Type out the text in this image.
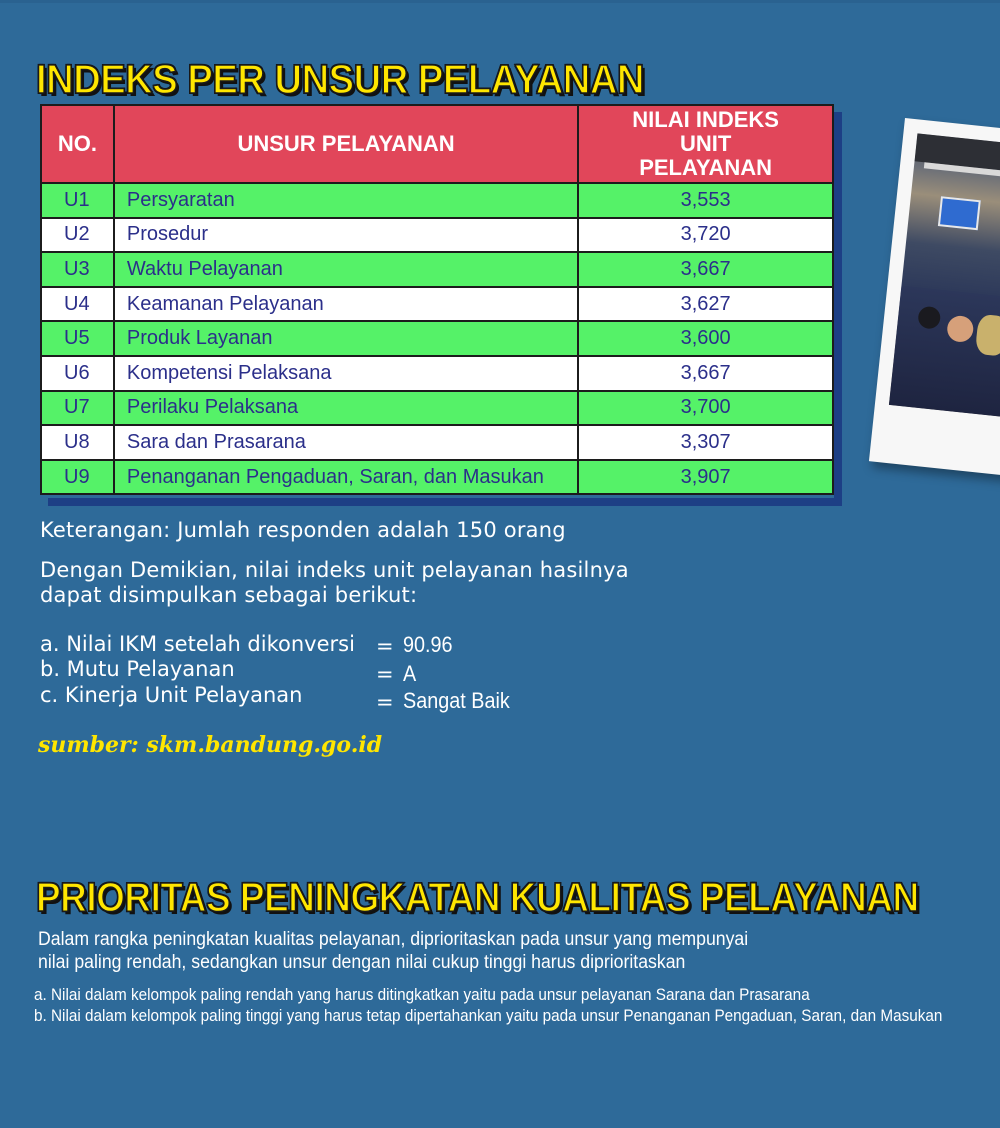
INDEKS PER UNSUR PELAYANAN
NO.	UNSUR PELAYANAN	NILAI INDEKS UNIT PELAYANAN
U1	Persyaratan	3,553
U2	Prosedur	3,720
U3	Waktu Pelayanan	3,667
U4	Keamanan Pelayanan	3,627
U5	Produk Layanan	3,600
U6	Kompetensi Pelaksana	3,667
U7	Perilaku Pelaksana	3,700
U8	Sara dan Prasarana	3,307
U9	Penanganan Pengaduan, Saran, dan Masukan	3,907
Keterangan: Jumlah responden adalah 150 orang
Dengan Demikian, nilai indeks unit pelayanan hasilnya
dapat disimpulkan sebagai berikut:
a. Nilai IKM setelah dikonversi = 90.96
b. Mutu Pelayanan	= A
c. Kinerja Unit Pelayanan	= Sangat Baik
sumber: skm.bandung.go.id
PRIORITAS PENINGKATAN KUALITAS PELAYANAN
Dalam rangka peningkatan kualitas pelayanan, diprioritaskan pada unsur yang mempunyai
nilai paling rendah, sedangkan unsur dengan nilai cukup tinggi harus diprioritaskan
a. Nilai dalam kelompok paling rendah yang harus ditingkatkan yaitu pada unsur pelayanan Sarana dan Prasarana
b. Nilai dalam kelompok paling tinggi yang harus tetap dipertahankan yaitu pada unsur Penanganan Pengaduan, Saran, dan Masukan
